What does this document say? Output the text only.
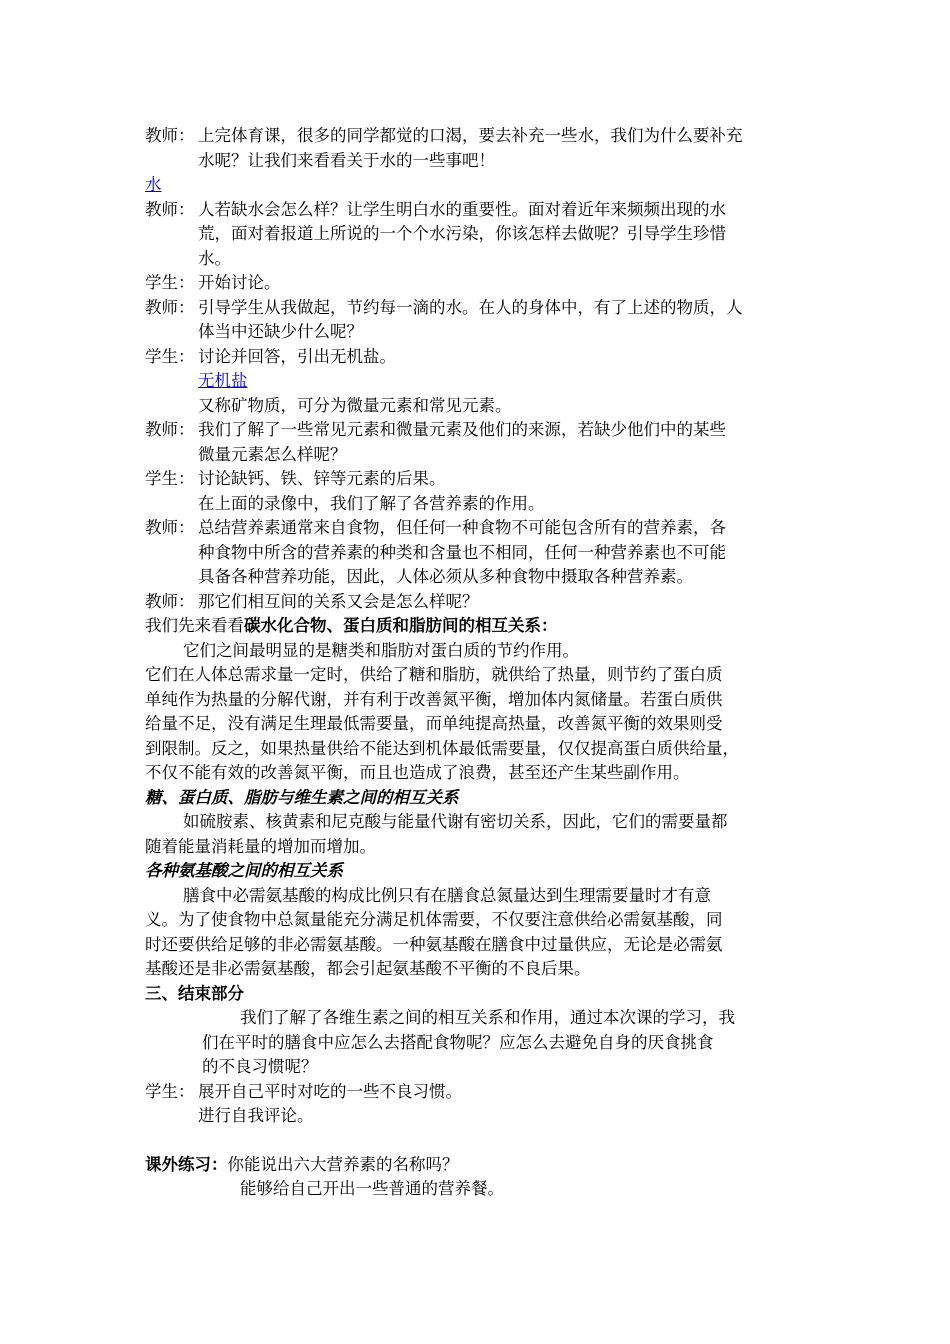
教师： 上完体育课，很多的同学都觉的口渴，要去补充一些水，我们为什么要补充
水呢？让我们来看看关于水的一些事吧！
水
教师： 人若缺水会怎么样？让学生明白水的重要性。面对着近年来频频出现的水
荒，面对着报道上所说的一个个水污染，你该怎样去做呢？引导学生珍惜
水。
学生： 开始讨论。
教师： 引导学生从我做起，节约每一滴的水。在人的身体中，有了上述的物质，人
体当中还缺少什么呢？
学生： 讨论并回答，引出无机盐。
无机盐
又称矿物质，可分为微量元素和常见元素。
教师： 我们了解了一些常见元素和微量元素及他们的来源，若缺少他们中的某些
微量元素怎么样呢？
学生： 讨论缺钙、铁、锌等元素的后果。
在上面的录像中，我们了解了各营养素的作用。
教师： 总结营养素通常来自食物，但任何一种食物不可能包含所有的营养素，各
种食物中所含的营养素的种类和含量也不相同，任何一种营养素也不可能
具备各种营养功能，因此，人体必须从多种食物中摄取各种营养素。
教师： 那它们相互间的关系又会是怎么样呢？
我们先来看看碳水化合物、蛋白质和脂肪间的相互关系：
它们之间最明显的是糖类和脂肪对蛋白质的节约作用。
它们在人体总需求量一定时，供给了糖和脂肪，就供给了热量，则节约了蛋白质
单纯作为热量的分解代谢，并有利于改善氮平衡，增加体内氮储量。若蛋白质供
给量不足，没有满足生理最低需要量，而单纯提高热量，改善氮平衡的效果则受
到限制。反之，如果热量供给不能达到机体最低需要量，仅仅提高蛋白质供给量，
不仅不能有效的改善氮平衡，而且也造成了浪费，甚至还产生某些副作用。
糖、蛋白质、脂肪与维生素之间的相互关系
如硫胺素、核黄素和尼克酸与能量代谢有密切关系，因此，它们的需要量都
随着能量消耗量的增加而增加。
各种氨基酸之间的相互关系
膳食中必需氨基酸的构成比例只有在膳食总氮量达到生理需要量时才有意
义。为了使食物中总氮量能充分满足机体需要，不仅要注意供给必需氨基酸，同
时还要供给足够的非必需氨基酸。一种氨基酸在膳食中过量供应，无论是必需氨
基酸还是非必需氨基酸，都会引起氨基酸不平衡的不良后果。
三、结束部分
我们了解了各维生素之间的相互关系和作用，通过本次课的学习，我
们在平时的膳食中应怎么去搭配食物呢？应怎么去避免自身的厌食挑食
的不良习惯呢？
学生： 展开自己平时对吃的一些不良习惯。
进行自我评论。
课外练习：你能说出六大营养素的名称吗？
能够给自己开出一些普通的营养餐。
